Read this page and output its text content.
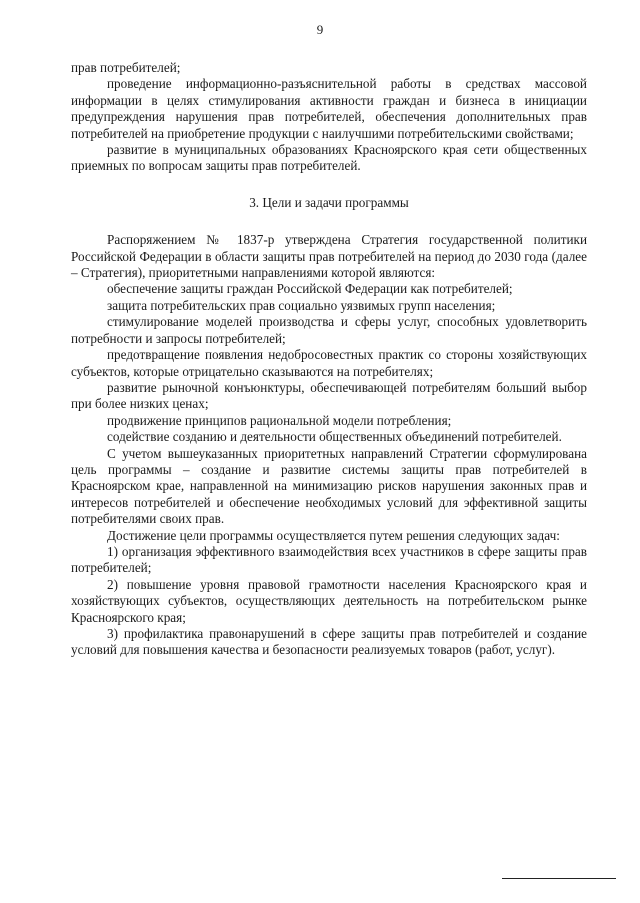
9

прав потребителей;

проведение информационно-разъяснительной работы в средствах массовой информации в целях стимулирования активности граждан и бизнеса в инициации предупреждения нарушения прав потребителей, обеспечения дополнительных прав потребителей на приобретение продукции с наилучшими потребительскими свойствами;

развитие в муниципальных образованиях Красноярского края сети общественных приемных по вопросам защиты прав потребителей.

3. Цели и задачи программы

Распоряжением № 1837-р утверждена Стратегия государственной политики Российской Федерации в области защиты прав потребителей на период до 2030 года (далее – Стратегия), приоритетными направлениями которой являются:

обеспечение защиты граждан Российской Федерации как потребителей;

защита потребительских прав социально уязвимых групп населения;

стимулирование моделей производства и сферы услуг, способных удовлетворить потребности и запросы потребителей;

предотвращение появления недобросовестных практик со стороны хозяйствующих субъектов, которые отрицательно сказываются на потребителях;

развитие рыночной конъюнктуры, обеспечивающей потребителям больший выбор при более низких ценах;

продвижение принципов рациональной модели потребления;

содействие созданию и деятельности общественных объединений потребителей.

С учетом вышеуказанных приоритетных направлений Стратегии сформулирована цель программы – создание и развитие системы защиты прав потребителей в Красноярском крае, направленной на минимизацию рисков нарушения законных прав и интересов потребителей и обеспечение необходимых условий для эффективной защиты потребителями своих прав.

Достижение цели программы осуществляется путем решения следующих задач:

1) организация эффективного взаимодействия всех участников в сфере защиты прав потребителей;

2) повышение уровня правовой грамотности населения Красноярского края и хозяйствующих субъектов, осуществляющих деятельность на потребительском рынке Красноярского края;

3) профилактика правонарушений в сфере защиты прав потребителей и создание условий для повышения качества и безопасности реализуемых товаров (работ, услуг).
